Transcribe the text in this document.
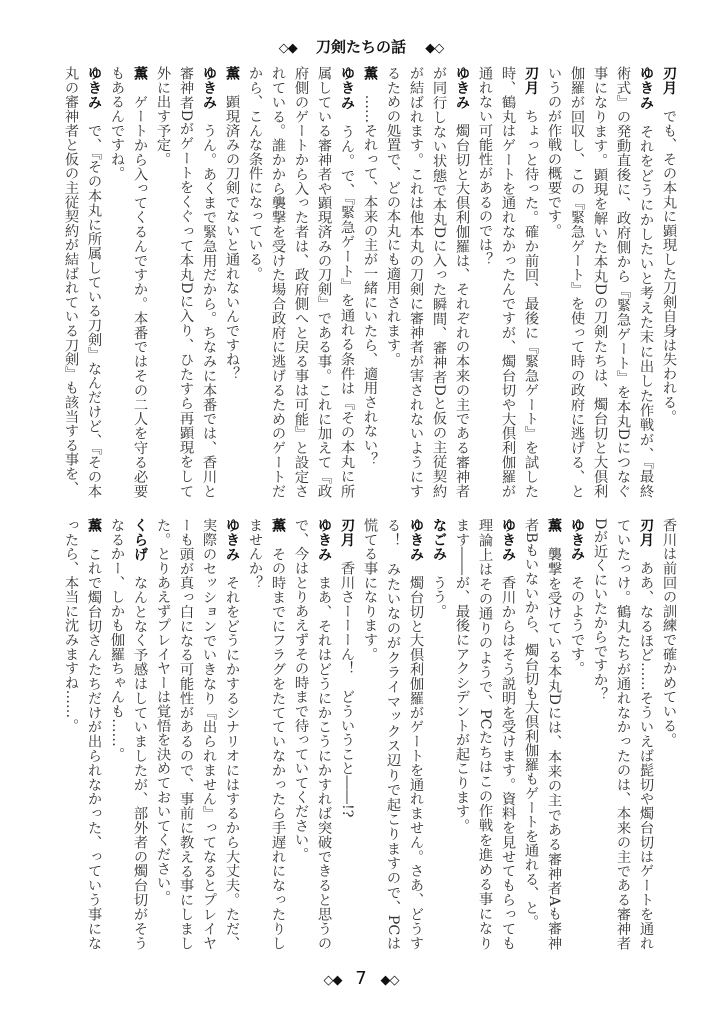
◇◆ 刀剣たちの話 ◆◇

刃月でも、その本丸に顕現した刀剣自身は失われる。

ゆきみそれをどうにかしたいと考えた末に出した作戦が、『最終術式』の発動直後に、政府側から『緊急ゲート』を本丸Dにつなぐ事になります。顕現を解いた本丸Dの刀剣たちは、燭台切と大倶利伽羅が回収し、この『緊急ゲート』を使って時の政府に逃げる、というのが作戦の概要です。

刃月ちょっと待った。確か前回、最後に『緊急ゲート』を試した時、鶴丸はゲートを通れなかったんですが、燭台切や大倶利伽羅が通れない可能性があるのでは？

ゆきみ燭台切と大倶利伽羅は、それぞれの本来の主である審神者が同行しない状態で本丸Dに入った瞬間、審神者Dと仮の主従契約が結ばれます。これは他本丸の刀剣に審神者が害されないようにするための処置で、どの本丸にも適用されます。

薫……それって、本来の主が一緒にいたら、適用されない？

ゆきみうん。で、『緊急ゲート』を通れる条件は『その本丸に所属している審神者や顕現済みの刀剣』である事。これに加えて『政府側のゲートから入った者は、政府側へと戻る事は可能』と設定されている。誰かから襲撃を受けた場合政府に逃げるためのゲートだから、こんな条件になっている。

薫顕現済みの刀剣でないと通れないんですね？

ゆきみうん。あくまで緊急用だから。ちなみに本番では、香川と審神者Dがゲートをくぐって本丸Dに入り、ひたすら再顕現をして外に出す予定。

薫ゲートから入ってくるんですか。本番ではその二人を守る必要もあるんですね。

ゆきみで、『その本丸に所属している刀剣』なんだけど、『その本丸の審神者と仮の主従契約が結ばれている刀剣』も該当する事を、

香川は前回の訓練で確かめている。

刃月ああ、なるほど……そういえば髭切や燭台切はゲートを通れていたっけ。鶴丸たちが通れなかったのは、本来の主である審神者Dが近くにいたからですか？

ゆきみそのようです。

薫襲撃を受けている本丸Dには、本来の主である審神者Aも審神者Bもいないから、燭台切も大倶利伽羅もゲートを通れる、と。

ゆきみ香川からはそう説明を受けます。資料を見せてもらっても理論上はその通りのようで、PCたちはこの作戦を進める事になります――が、最後にアクシデントが起こります。

なごみうう。

ゆきみ燭台切と大倶利伽羅がゲートを通れません。さあ、どうする！　みたいなのがクライマックス辺りで起こりますので、PCは慌てる事になります。

刃月香川さーーーん！　どういうこと――!?

ゆきみまあ、それはどうにかこうにかすれば突破できると思うので、今はとりあえずその時まで待っていてください。

薫その時までにフラグをたてていなかったら手遅れになったりしませんか？

ゆきみそれをどうにかするシナリオにはするから大丈夫。ただ、実際のセッションでいきなり『出られません』ってなるとプレイヤーも頭が真っ白になる可能性があるので、事前に教える事にしました。とりあえずプレイヤーは覚悟を決めておいてください。

くらげなんとなく予感はしていましたが、部外者の燭台切がそうなるかー、しかも伽羅ちゃんも……。

薫これで燭台切さんたちだけが出られなかった、っていう事になったら、本当に沈みますね……。

◇◆ 7 ◆◇
